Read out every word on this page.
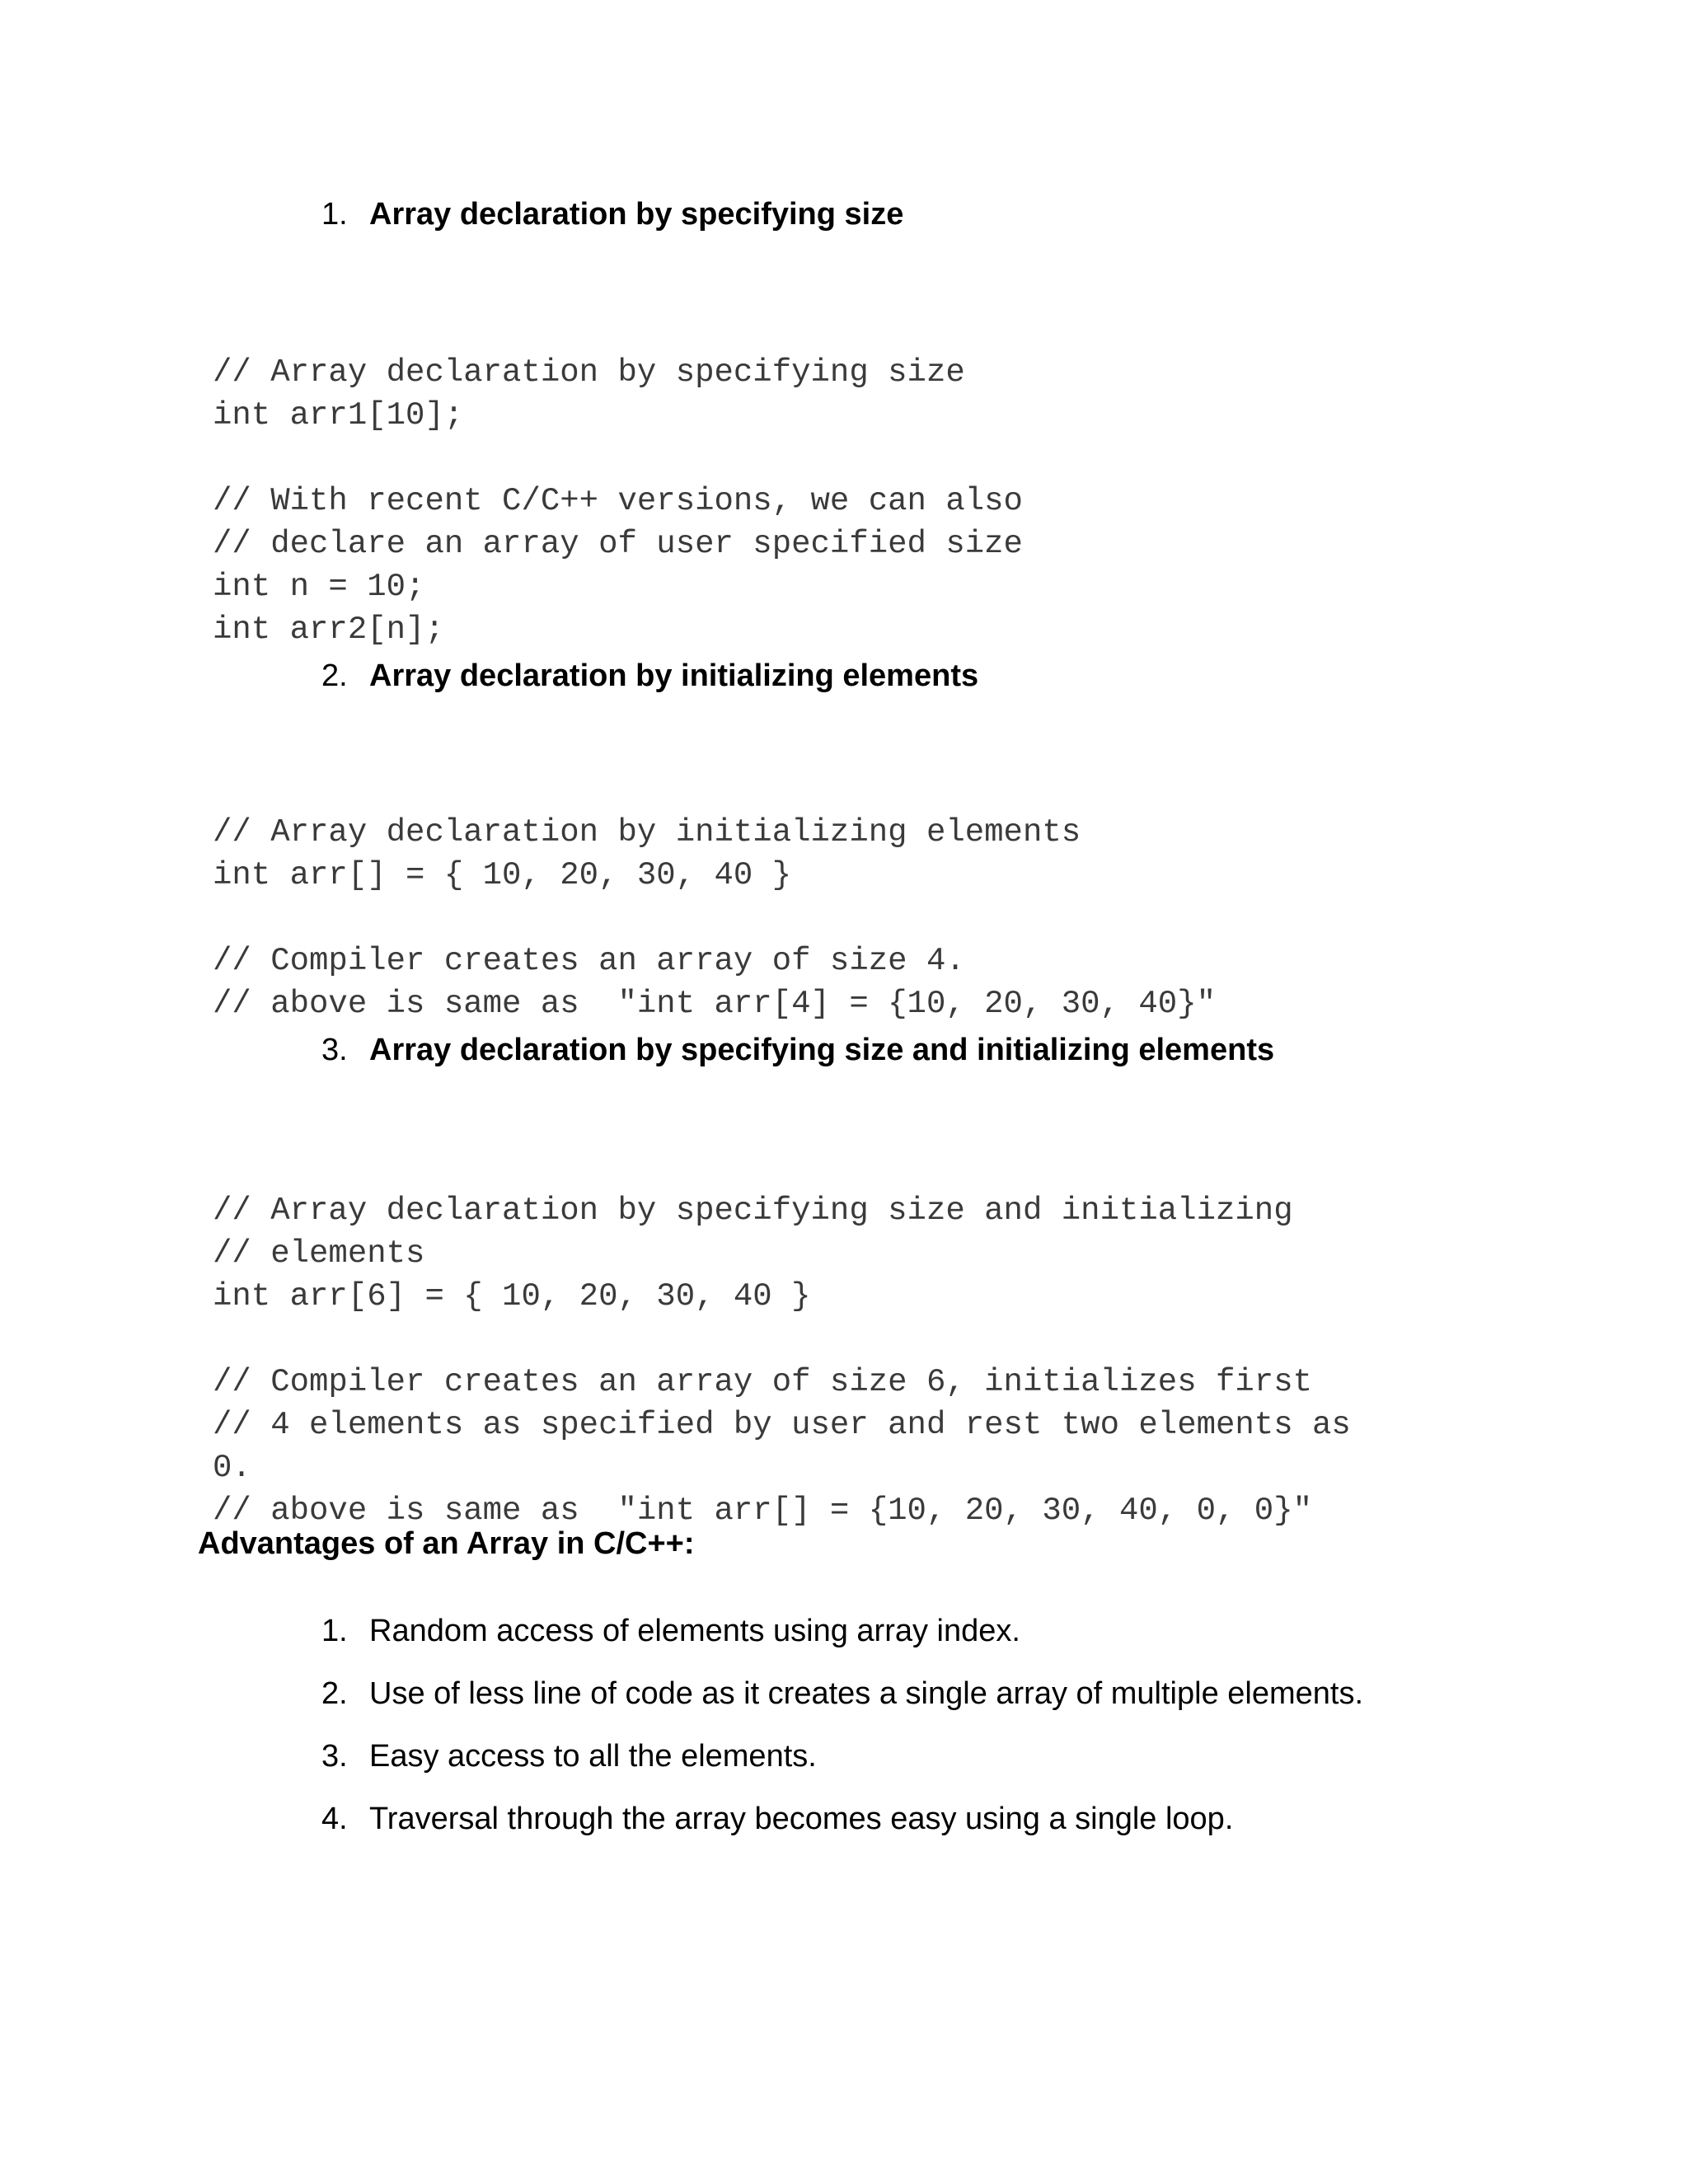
1. Array declaration by specifying size
// Array declaration by specifying size
int arr1[10];
// With recent C/C++ versions, we can also
// declare an array of user specified size
int n = 10;
int arr2[n];
2. Array declaration by initializing elements
// Array declaration by initializing elements
int arr[] = { 10, 20, 30, 40 }
// Compiler creates an array of size 4.
// above is same as  "int arr[4] = {10, 20, 30, 40}"
3. Array declaration by specifying size and initializing elements
// Array declaration by specifying size and initializing
// elements
int arr[6] = { 10, 20, 30, 40 }
// Compiler creates an array of size 6, initializes first
// 4 elements as specified by user and rest two elements as
0.
// above is same as  "int arr[] = {10, 20, 30, 40, 0, 0}"
Advantages of an Array in C/C++:
1. Random access of elements using array index.
2. Use of less line of code as it creates a single array of multiple elements.
3. Easy access to all the elements.
4. Traversal through the array becomes easy using a single loop.
